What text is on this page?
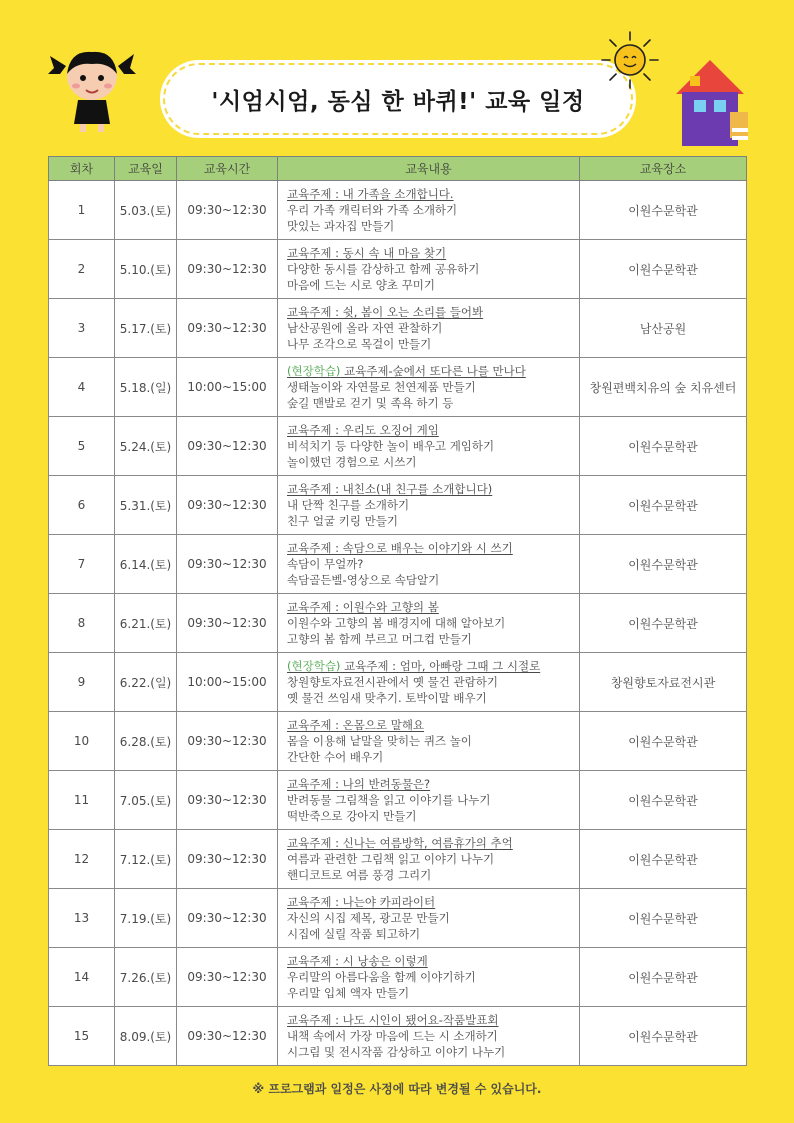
'시엄시엄, 동심 한 바퀴!' 교육 일정
회차	교육일	교육시간	교육내용	교육장소
1	5.03.(토)	09:30~12:30	교육주제 : 내 가족을 소개합니다.
우리 가족 캐릭터와 가족 소개하기
맛있는 과자집 만들기	이원수문학관
2	5.10.(토)	09:30~12:30	교육주제 : 동시 속 내 마음 찾기
다양한 동시를 감상하고 함께 공유하기
마음에 드는 시로 양초 꾸미기	이원수문학관
3	5.17.(토)	09:30~12:30	교육주제 : 쉿, 봄이 오는 소리를 들어봐
남산공원에 올라 자연 관찰하기
나무 조각으로 목걸이 만들기	남산공원
4	5.18.(일)	10:00~15:00	(현장학습) 교육주제-숲에서 또다른 나를 만나다
생태놀이와 자연물로 천연제품 만들기
숲길 맨발로 걷기 및 족욕 하기 등	창원편백치유의 숲 치유센터
5	5.24.(토)	09:30~12:30	교육주제 : 우리도 오징어 게임
비석치기 등 다양한 놀이 배우고 게임하기
놀이했던 경험으로 시쓰기	이원수문학관
6	5.31.(토)	09:30~12:30	교육주제 : 내친소(내 친구를 소개합니다)
내 단짝 친구를 소개하기
친구 얼굴 키링 만들기	이원수문학관
7	6.14.(토)	09:30~12:30	교육주제 : 속담으로 배우는 이야기와 시 쓰기
속담이 무얼까?
속담골든벨-영상으로 속담알기	이원수문학관
8	6.21.(토)	09:30~12:30	교육주제 : 이원수와 고향의 봄
이원수와 고향의 봄 배경지에 대해 알아보기
고향의 봄 함께 부르고 머그컵 만들기	이원수문학관
9	6.22.(일)	10:00~15:00	(현장학습) 교육주제 : 엄마, 아빠랑 그때 그 시절로
창원향토자료전시관에서 옛 물건 관람하기
옛 물건 쓰임새 맞추기. 토박이말 배우기	창원향토자료전시관
10	6.28.(토)	09:30~12:30	교육주제 : 온몸으로 말해요
몸을 이용해 낱말을 맞히는 퀴즈 놀이
간단한 수어 배우기	이원수문학관
11	7.05.(토)	09:30~12:30	교육주제 : 나의 반려동물은?
반려동물 그림책을 읽고 이야기를 나누기
떡반죽으로 강아지 만들기	이원수문학관
12	7.12.(토)	09:30~12:30	교육주제 : 신나는 여름방학, 여름휴가의 추억
여름과 관련한 그림책 읽고 이야기 나누기
핸디코트로 여름 풍경 그리기	이원수문학관
13	7.19.(토)	09:30~12:30	교육주제 : 나는야 카피라이터
자신의 시집 제목, 광고문 만들기
시집에 실릴 작품 퇴고하기	이원수문학관
14	7.26.(토)	09:30~12:30	교육주제 : 시 낭송은 이렇게
우리말의 아름다움을 함께 이야기하기
우리말 입체 액자 만들기	이원수문학관
15	8.09.(토)	09:30~12:30	교육주제 : 나도 시인이 됐어요-작품발표회
내책 속에서 가장 마음에 드는 시 소개하기
시그림 및 전시작품 감상하고 이야기 나누기	이원수문학관
※ 프로그램과 일정은 사정에 따라 변경될 수 있습니다.
